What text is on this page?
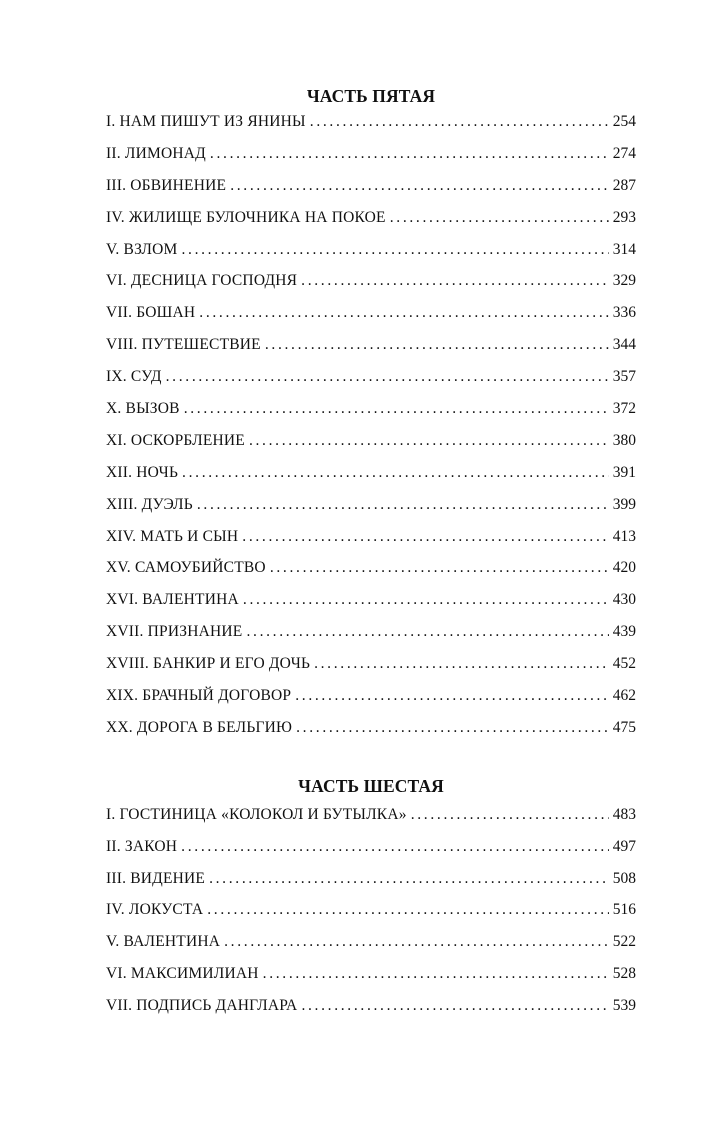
ЧАСТЬ ПЯТАЯ
I. НАМ ПИШУТ ИЗ ЯНИНЫ . . .	254
II. ЛИМОНАД . . .	274
III. ОБВИНЕНИЕ . . .	287
IV. ЖИЛИЩЕ БУЛОЧНИКА НА ПОКОЕ . . .	293
V. ВЗЛОМ . . .	314
VI. ДЕСНИЦА ГОСПОДНЯ . . .	329
VII. БОШАН . . .	336
VIII. ПУТЕШЕСТВИЕ . . .	344
IX. СУД . . .	357
X. ВЫЗОВ . . .	372
XI. ОСКОРБЛЕНИЕ . . .	380
XII. НОЧЬ . . .	391
XIII. ДУЭЛЬ . . .	399
XIV. МАТЬ И СЫН . . .	413
XV. САМОУБИЙСТВО . . .	420
XVI. ВАЛЕНТИНА . . .	430
XVII. ПРИЗНАНИЕ . . .	439
XVIII. БАНКИР И ЕГО ДОЧЬ . . .	452
XIX. БРАЧНЫЙ ДОГОВОР . . .	462
XX. ДОРОГА В БЕЛЬГИЮ . . .	475
ЧАСТЬ ШЕСТАЯ
I. ГОСТИНИЦА «КОЛОКОЛ И БУТЫЛКА» . . .	483
II. ЗАКОН . . .	497
III. ВИДЕНИЕ . . .	508
IV. ЛОКУСТА . . .	516
V. ВАЛЕНТИНА . . .	522
VI. МАКСИМИЛИАН . . .	528
VII. ПОДПИСЬ ДАНГЛАРА . . .	539
